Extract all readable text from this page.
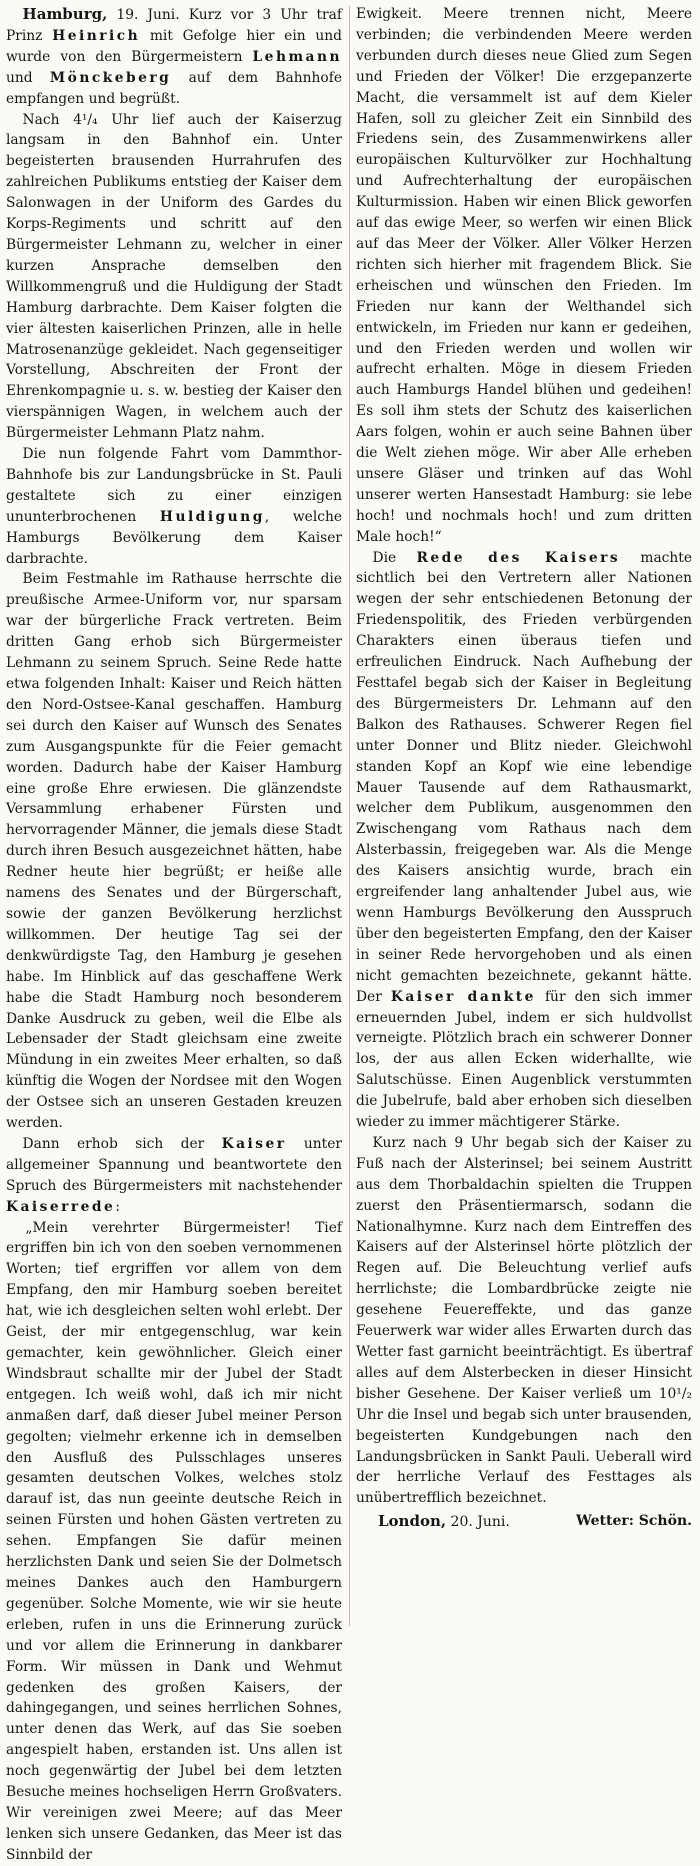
Hamburg, 19. Juni. Kurz vor 3 Uhr traf Prinz Heinrich mit Gefolge hier ein und wurde von den Bürgermeistern Lehmann und Mönckeberg auf dem Bahnhofe empfangen und begrüßt.

Nach 4¹/₄ Uhr lief auch der Kaiserzug langsam in den Bahnhof ein. Unter begeisterten brausenden Hurrahrufen des zahlreichen Publikums entstieg der Kaiser dem Salonwagen in der Uniform des Gardes du Korps-Regiments und schritt auf den Bürgermeister Lehmann zu, welcher in einer kurzen Ansprache demselben den Willkommengruß und die Huldigung der Stadt Hamburg darbrachte. Dem Kaiser folgten die vier ältesten kaiserlichen Prinzen, alle in helle Matrosenanzüge gekleidet. Nach gegenseitiger Vorstellung, Abschreiten der Front der Ehrenkompagnie u. s. w. bestieg der Kaiser den vierspännigen Wagen, in welchem auch der Bürgermeister Lehmann Platz nahm.

Die nun folgende Fahrt vom Dammthor-Bahnhofe bis zur Landungsbrücke in St. Pauli gestaltete sich zu einer einzigen ununterbrochenen Huldigung, welche Hamburgs Bevölkerung dem Kaiser darbrachte.

Beim Festmahle im Rathause herrschte die preußische Armee-Uniform vor, nur sparsam war der bürgerliche Frack vertreten. Beim dritten Gang erhob sich Bürgermeister Lehmann zu seinem Spruch. Seine Rede hatte etwa folgenden Inhalt: Kaiser und Reich hätten den Nord-Ostsee-Kanal geschaffen. Hamburg sei durch den Kaiser auf Wunsch des Senates zum Ausgangspunkte für die Feier gemacht worden. Dadurch habe der Kaiser Hamburg eine große Ehre erwiesen. Die glänzendste Versammlung erhabener Fürsten und hervorragender Männer, die jemals diese Stadt durch ihren Besuch ausgezeichnet hätten, habe Redner heute hier begrüßt; er heiße alle namens des Senates und der Bürgerschaft, sowie der ganzen Bevölkerung herzlichst willkommen. Der heutige Tag sei der denkwürdigste Tag, den Hamburg je gesehen habe. Im Hinblick auf das geschaffene Werk habe die Stadt Hamburg noch besonderem Danke Ausdruck zu geben, weil die Elbe als Lebensader der Stadt gleichsam eine zweite Mündung in ein zweites Meer erhalten, so daß künftig die Wogen der Nordsee mit den Wogen der Ostsee sich an unseren Gestaden kreuzen werden.

Dann erhob sich der Kaiser unter allgemeiner Spannung und beantwortete den Spruch des Bürgermeisters mit nachstehender Kaiserrede:

„Mein verehrter Bürgermeister! Tief ergriffen bin ich von den soeben vernommenen Worten; tief ergriffen vor allem von dem Empfang, den mir Hamburg soeben bereitet hat, wie ich desgleichen selten wohl erlebt. Der Geist, der mir entgegenschlug, war kein gemachter, kein gewöhnlicher. Gleich einer Windsbraut schallte mir der Jubel der Stadt entgegen. Ich weiß wohl, daß ich mir nicht anmaßen darf, daß dieser Jubel meiner Person gegolten; vielmehr erkenne ich in demselben den Ausfluß des Pulsschlages unseres gesamten deutschen Volkes, welches stolz darauf ist, das nun geeinte deutsche Reich in seinen Fürsten und hohen Gästen vertreten zu sehen. Empfangen Sie dafür meinen herzlichsten Dank und seien Sie der Dolmetsch meines Dankes auch den Hamburgern gegenüber. Solche Momente, wie wir sie heute erleben, rufen in uns die Erinnerung zurück und vor allem die Erinnerung in dankbarer Form. Wir müssen in Dank und Wehmut gedenken des großen Kaisers, der dahingegangen, und seines herrlichen Sohnes, unter denen das Werk, auf das Sie soeben angespielt haben, erstanden ist. Uns allen ist noch gegenwärtig der Jubel bei dem letzten Besuche meines hochseligen Herrn Großvaters. Wir vereinigen zwei Meere; auf das Meer lenken sich unsere Gedanken, das Meer ist das Sinnbild der

Ewigkeit. Meere trennen nicht, Meere verbinden; die verbindenden Meere werden verbunden durch dieses neue Glied zum Segen und Frieden der Völker! Die erzgepanzerte Macht, die versammelt ist auf dem Kieler Hafen, soll zu gleicher Zeit ein Sinnbild des Friedens sein, des Zusammenwirkens aller europäischen Kulturvölker zur Hochhaltung und Aufrechterhaltung der europäischen Kulturmission. Haben wir einen Blick geworfen auf das ewige Meer, so werfen wir einen Blick auf das Meer der Völker. Aller Völker Herzen richten sich hierher mit fragendem Blick. Sie erheischen und wünschen den Frieden. Im Frieden nur kann der Welthandel sich entwickeln, im Frieden nur kann er gedeihen, und den Frieden werden und wollen wir aufrecht erhalten. Möge in diesem Frieden auch Hamburgs Handel blühen und gedeihen! Es soll ihm stets der Schutz des kaiserlichen Aars folgen, wohin er auch seine Bahnen über die Welt ziehen möge. Wir aber Alle erheben unsere Gläser und trinken auf das Wohl unserer werten Hansestadt Hamburg: sie lebe hoch! und nochmals hoch! und zum dritten Male hoch!“

Die Rede des Kaisers machte sichtlich bei den Vertretern aller Nationen wegen der sehr entschiedenen Betonung der Friedenspolitik, des Frieden verbürgenden Charakters einen überaus tiefen und erfreulichen Eindruck. Nach Aufhebung der Festtafel begab sich der Kaiser in Begleitung des Bürgermeisters Dr. Lehmann auf den Balkon des Rathauses. Schwerer Regen fiel unter Donner und Blitz nieder. Gleichwohl standen Kopf an Kopf wie eine lebendige Mauer Tausende auf dem Rathausmarkt, welcher dem Publikum, ausgenommen den Zwischengang vom Rathaus nach dem Alsterbassin, freigegeben war. Als die Menge des Kaisers ansichtig wurde, brach ein ergreifender lang anhaltender Jubel aus, wie wenn Hamburgs Bevölkerung den Ausspruch über den begeisterten Empfang, den der Kaiser in seiner Rede hervorgehoben und als einen nicht gemachten bezeichnete, gekannt hätte. Der Kaiser dankte für den sich immer erneuernden Jubel, indem er sich huldvollst verneigte. Plötzlich brach ein schwerer Donner los, der aus allen Ecken widerhallte, wie Salutschüsse. Einen Augenblick verstummten die Jubelrufe, bald aber erhoben sich dieselben wieder zu immer mächtigerer Stärke.

Kurz nach 9 Uhr begab sich der Kaiser zu Fuß nach der Alsterinsel; bei seinem Austritt aus dem Thorbaldachin spielten die Truppen zuerst den Präsentiermarsch, sodann die Nationalhymne. Kurz nach dem Eintreffen des Kaisers auf der Alsterinsel hörte plötzlich der Regen auf. Die Beleuchtung verlief aufs herrlichste; die Lombardbrücke zeigte nie gesehene Feuereffekte, und das ganze Feuerwerk war wider alles Erwarten durch das Wetter fast garnicht beeinträchtigt. Es übertraf alles auf dem Alsterbecken in dieser Hinsicht bisher Gesehene. Der Kaiser verließ um 10¹/₂ Uhr die Insel und begab sich unter brausenden, begeisterten Kundgebungen nach den Landungsbrücken in Sankt Pauli. Ueberall wird der herrliche Verlauf des Festtages als unübertrefflich bezeichnet.

London, 20. Juni.	Wetter: Schön.
